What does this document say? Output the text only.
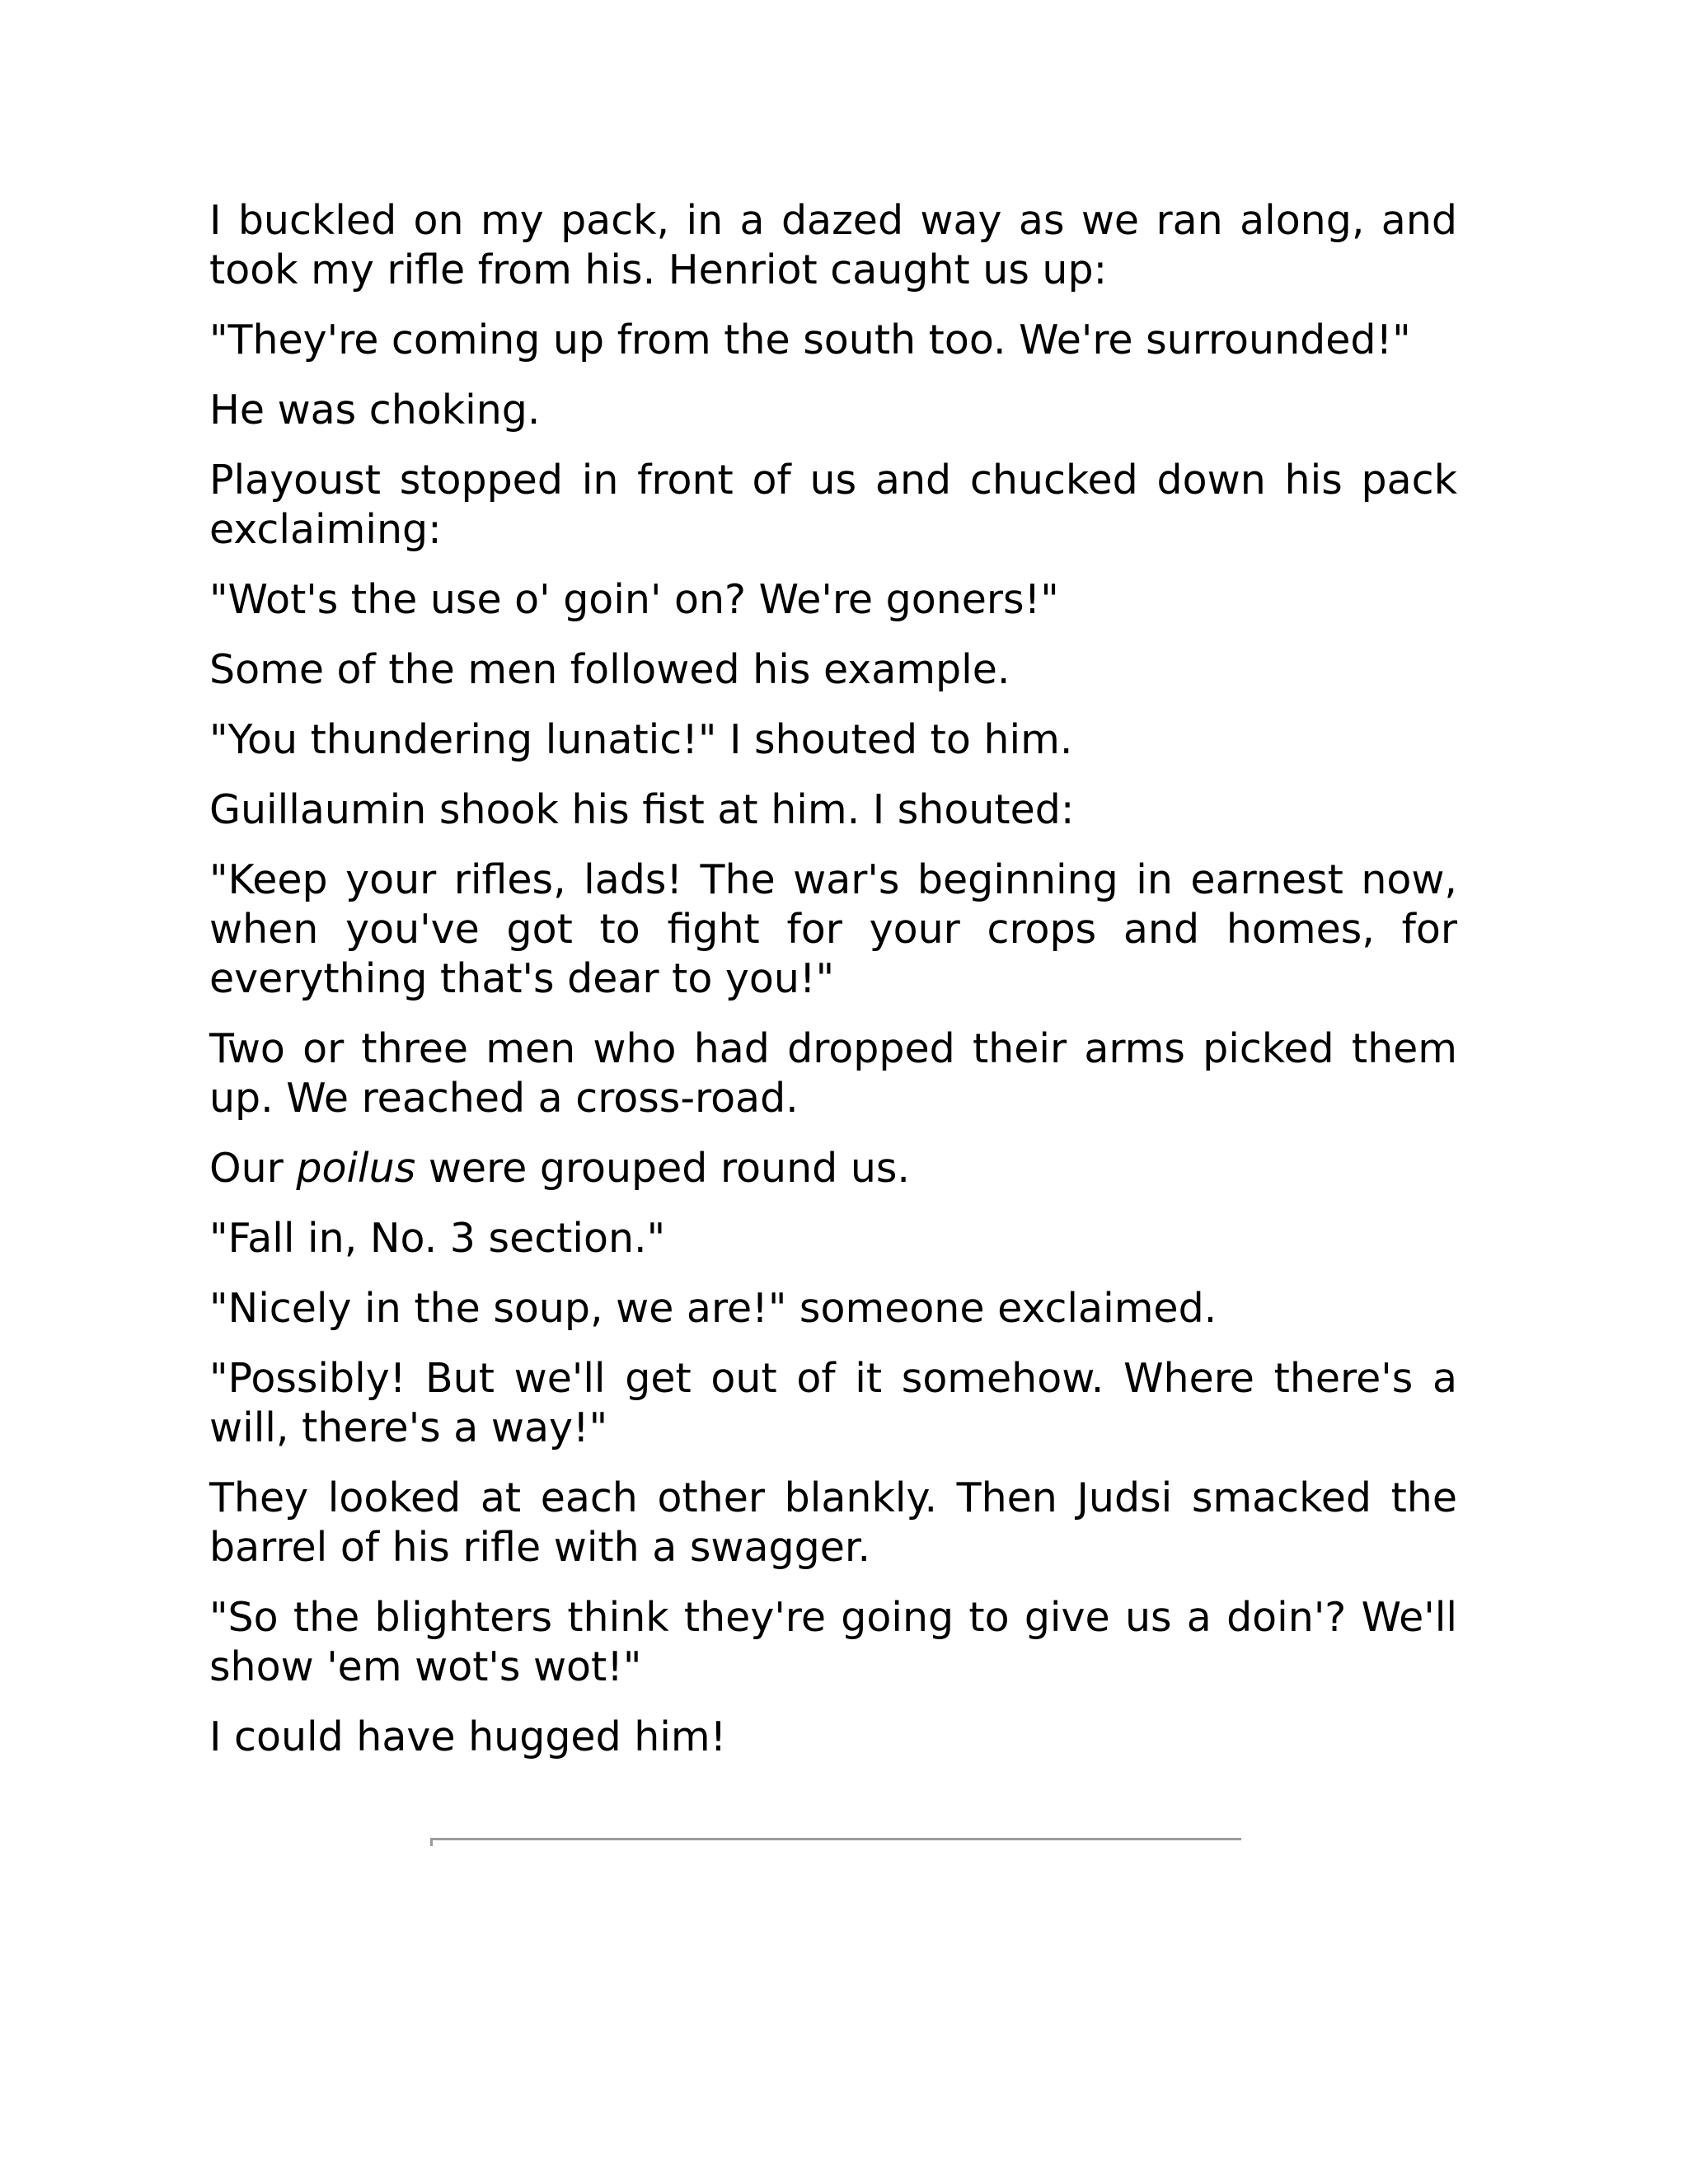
I buckled on my pack, in a dazed way as we ran along, and took my rifle from his. Henriot caught us up:

"They're coming up from the south too. We're surrounded!"

He was choking.

Playoust stopped in front of us and chucked down his pack exclaiming:

"Wot's the use o' goin' on? We're goners!"

Some of the men followed his example.

"You thundering lunatic!" I shouted to him.

Guillaumin shook his fist at him. I shouted:

"Keep your rifles, lads! The war's beginning in earnest now, when you've got to fight for your crops and homes, for everything that's dear to you!"

Two or three men who had dropped their arms picked them up. We reached a cross-road.

Our poilus were grouped round us.

"Fall in, No. 3 section."

"Nicely in the soup, we are!" someone exclaimed.

"Possibly! But we'll get out of it somehow. Where there's a will, there's a way!"

They looked at each other blankly. Then Judsi smacked the barrel of his rifle with a swagger.

"So the blighters think they're going to give us a doin'? We'll show 'em wot's wot!"

I could have hugged him!
